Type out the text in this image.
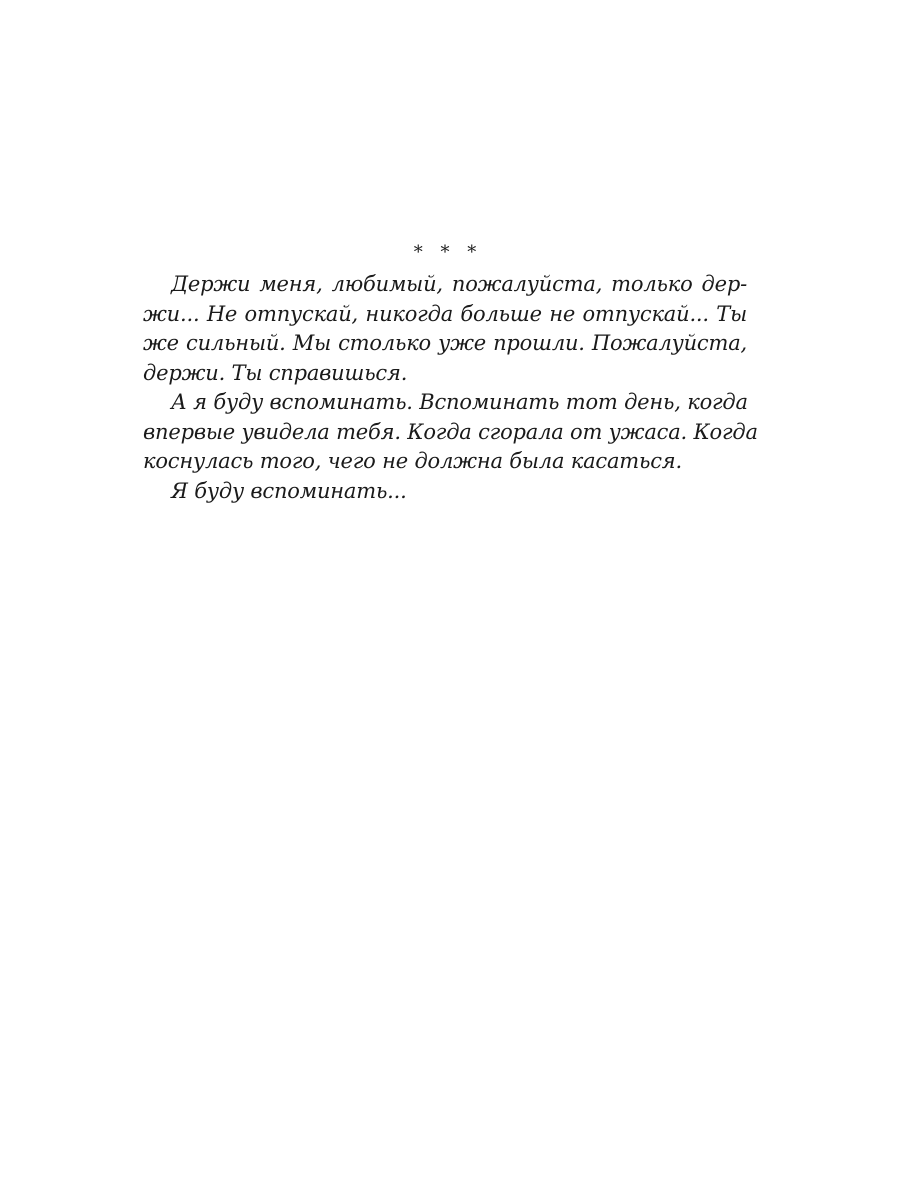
* * *
Держи меня, любимый, пожалуйста, только дер-
жи... Не отпускай, никогда больше не отпускай... Ты
же сильный. Мы столько уже прошли. Пожалуйста,
держи. Ты справишься.
А я буду вспоминать. Вспоминать тот день, когда
впервые увидела тебя. Когда сгорала от ужаса. Когда
коснулась того, чего не должна была касаться.
Я буду вспоминать...
